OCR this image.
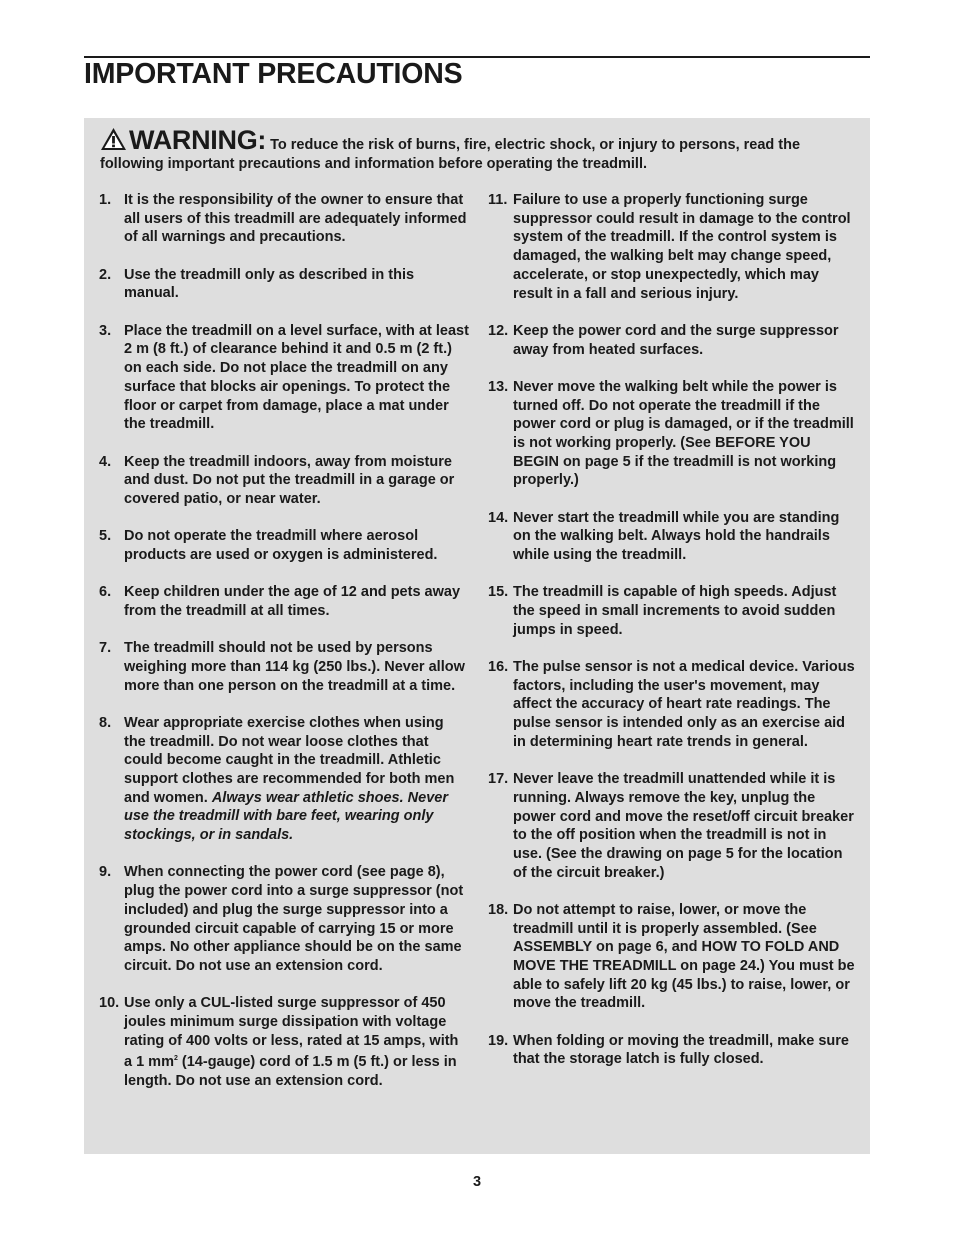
IMPORTANT PRECAUTIONS

WARNING: To reduce the risk of burns, fire, electric shock, or injury to persons, read the following important precautions and information before operating the treadmill.

1. It is the responsibility of the owner to ensure that all users of this treadmill are adequately informed of all warnings and precautions.
2. Use the treadmill only as described in this manual.
3. Place the treadmill on a level surface, with at least 2 m (8 ft.) of clearance behind it and 0.5 m (2 ft.) on each side. Do not place the treadmill on any surface that blocks air openings. To protect the floor or carpet from damage, place a mat under the treadmill.
4. Keep the treadmill indoors, away from moisture and dust. Do not put the treadmill in a garage or covered patio, or near water.
5. Do not operate the treadmill where aerosol products are used or oxygen is administered.
6. Keep children under the age of 12 and pets away from the treadmill at all times.
7. The treadmill should not be used by persons weighing more than 114 kg (250 lbs.). Never allow more than one person on the treadmill at a time.
8. Wear appropriate exercise clothes when using the treadmill. Do not wear loose clothes that could become caught in the treadmill. Athletic support clothes are recommended for both men and women. Always wear athletic shoes. Never use the treadmill with bare feet, wearing only stockings, or in sandals.
9. When connecting the power cord (see page 8), plug the power cord into a surge suppressor (not included) and plug the surge suppressor into a grounded circuit capable of carrying 15 or more amps. No other appliance should be on the same circuit. Do not use an extension cord.
10. Use only a CUL-listed surge suppressor of 450 joules minimum surge dissipation with voltage rating of 400 volts or less, rated at 15 amps, with a 1 $mm^2$ (14-gauge) cord of 1.5 m (5 ft.) or less in length. Do not use an extension cord.
11. Failure to use a properly functioning surge suppressor could result in damage to the control system of the treadmill. If the control system is damaged, the walking belt may change speed, accelerate, or stop unexpectedly, which may result in a fall and serious injury.
12. Keep the power cord and the surge suppressor away from heated surfaces.
13. Never move the walking belt while the power is turned off. Do not operate the treadmill if the power cord or plug is damaged, or if the treadmill is not working properly. (See BEFORE YOU BEGIN on page 5 if the treadmill is not working properly.)
14. Never start the treadmill while you are standing on the walking belt. Always hold the handrails while using the treadmill.
15. The treadmill is capable of high speeds. Adjust the speed in small increments to avoid sudden jumps in speed.
16. The pulse sensor is not a medical device. Various factors, including the user's movement, may affect the accuracy of heart rate readings. The pulse sensor is intended only as an exercise aid in determining heart rate trends in general.
17. Never leave the treadmill unattended while it is running. Always remove the key, unplug the power cord and move the reset/off circuit breaker to the off position when the treadmill is not in use. (See the drawing on page 5 for the location of the circuit breaker.)
18. Do not attempt to raise, lower, or move the treadmill until it is properly assembled. (See ASSEMBLY on page 6, and HOW TO FOLD AND MOVE THE TREADMILL on page 24.) You must be able to safely lift 20 kg (45 lbs.) to raise, lower, or move the treadmill.
19. When folding or moving the treadmill, make sure that the storage latch is fully closed.
3
